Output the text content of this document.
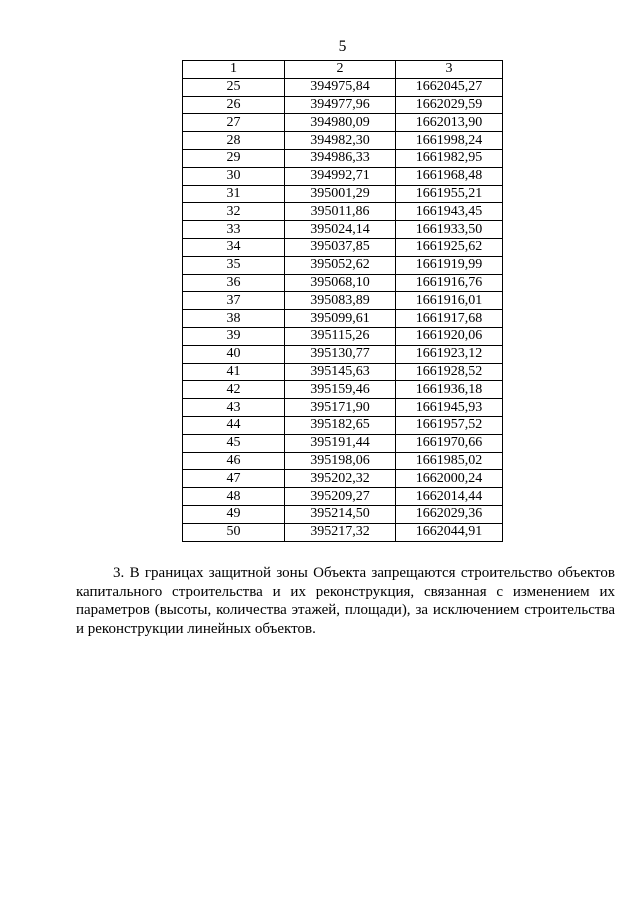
5
1	2	3
25	394975,84	1662045,27
26	394977,96	1662029,59
27	394980,09	1662013,90
28	394982,30	1661998,24
29	394986,33	1661982,95
30	394992,71	1661968,48
31	395001,29	1661955,21
32	395011,86	1661943,45
33	395024,14	1661933,50
34	395037,85	1661925,62
35	395052,62	1661919,99
36	395068,10	1661916,76
37	395083,89	1661916,01
38	395099,61	1661917,68
39	395115,26	1661920,06
40	395130,77	1661923,12
41	395145,63	1661928,52
42	395159,46	1661936,18
43	395171,90	1661945,93
44	395182,65	1661957,52
45	395191,44	1661970,66
46	395198,06	1661985,02
47	395202,32	1662000,24
48	395209,27	1662014,44
49	395214,50	1662029,36
50	395217,32	1662044,91
3. В границах защитной зоны Объекта запрещаются строительство объектов капитального строительства и их реконструкция, связанная с изменением их параметров (высоты, количества этажей, площади), за исключением строительства и реконструкции линейных объектов.
